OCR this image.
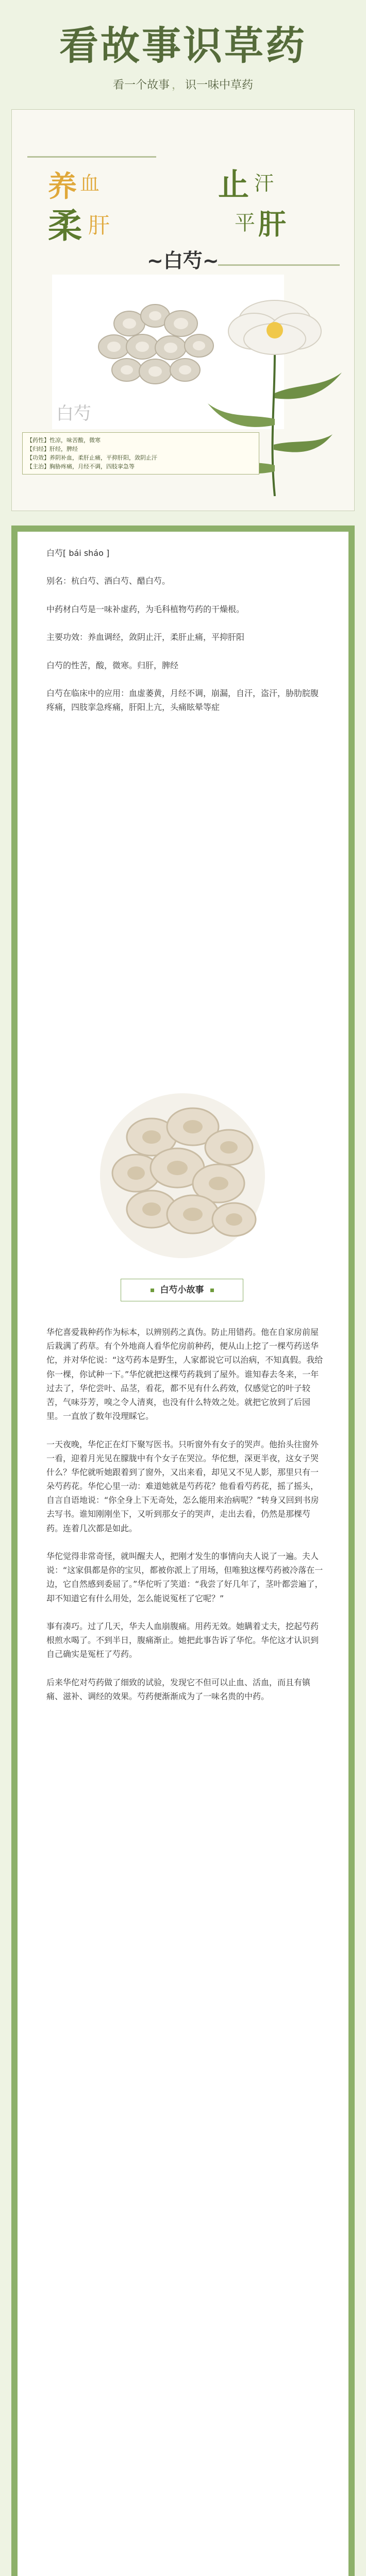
看故事识草药
看一个故事 ， 识一味中草药
养 血	止 汗
柔 肝	平 肝
~白芍~
白芍
【药性】性凉，味苦酸，微寒
【归经】肝经，脾经
【功效】养阴补血，柔肝止痛，平抑肝阳，敛阴止汗
【主治】胸胁疼痛，月经不调，四肢挛急等

白芍[ bái sháo ]

别名：杭白芍、酒白芍、醋白芍。

中药材白芍是一味补虚药，为毛科植物芍药的干燥根。

主要功效：养血调经，敛阴止汗，柔肝止痛，平抑肝阳

白芍的性苦，酸，微寒。归肝，脾经

白芍在临床中的应用：血虚萎黄，月经不调，崩漏，自汗，盗汗，胁肋脘腹疼痛，四肢挛急疼痛，肝阳上亢，头痛眩晕等症

白芍小故事

华佗喜爱栽种药作为标本，以辨别药之真伪。防止用错药。他在自家房前屋后栽满了药草。有个外地商人看华佗房前种药，便从山上挖了一棵芍药送华佗，并对华佗说：“这芍药本是野生，人家都说它可以治病，不知真假。我给你一棵，你试种一下。”华佗就把这棵芍药栽到了屋外。谁知春去冬来，一年过去了，华佗尝叶、品茎，看花，都不见有什么药效，仅感觉它的叶子较苦，气味芬芳，嗅之令人清爽，也没有什么特效之处。就把它放到了后园里。一直放了数年没理睬它。

一天夜晚，华佗正在灯下聚写医书。只听窗外有女子的哭声。他抬头往窗外一看，迎着月光见在朦胧中有个女子在哭泣。华佗想，深更半夜，这女子哭什么？华佗就听她跟着到了窗外，又出来看，却见又不见人影，那里只有一朵芍药花。华佗心里一动：难道她就是芍药花？他看看芍药花，摇了摇头，自言自语地说：“你全身上下无奇处，怎么能用来治病呢？”转身又回到书房去写书。谁知刚刚坐下，又听到那女子的哭声，走出去看，仍然是那棵芍药。连着几次都是如此。

华佗觉得非常奇怪，就叫醒夫人，把刚才发生的事情向夫人说了一遍。夫人说：“这家俱都是你的宝贝，都被你派上了用场，但唯独这棵芍药被冷落在一边，它自然感到委屈了。”华佗听了笑道：“我尝了好几年了，茎叶都尝遍了，却不知道它有什么用处，怎么能说冤枉了它呢？”

事有凑巧。过了几天，华夫人血崩腹痛。用药无效。她瞒着丈夫，挖起芍药根煎水喝了。不到半日，腹痛渐止。她把此事告诉了华佗。华佗这才认识到自己确实是冤枉了芍药。

后来华佗对芍药做了细致的试验，发现它不但可以止血、活血，而且有镇痛、滋补、调经的效果。芍药便渐渐成为了一味名贵的中药。
